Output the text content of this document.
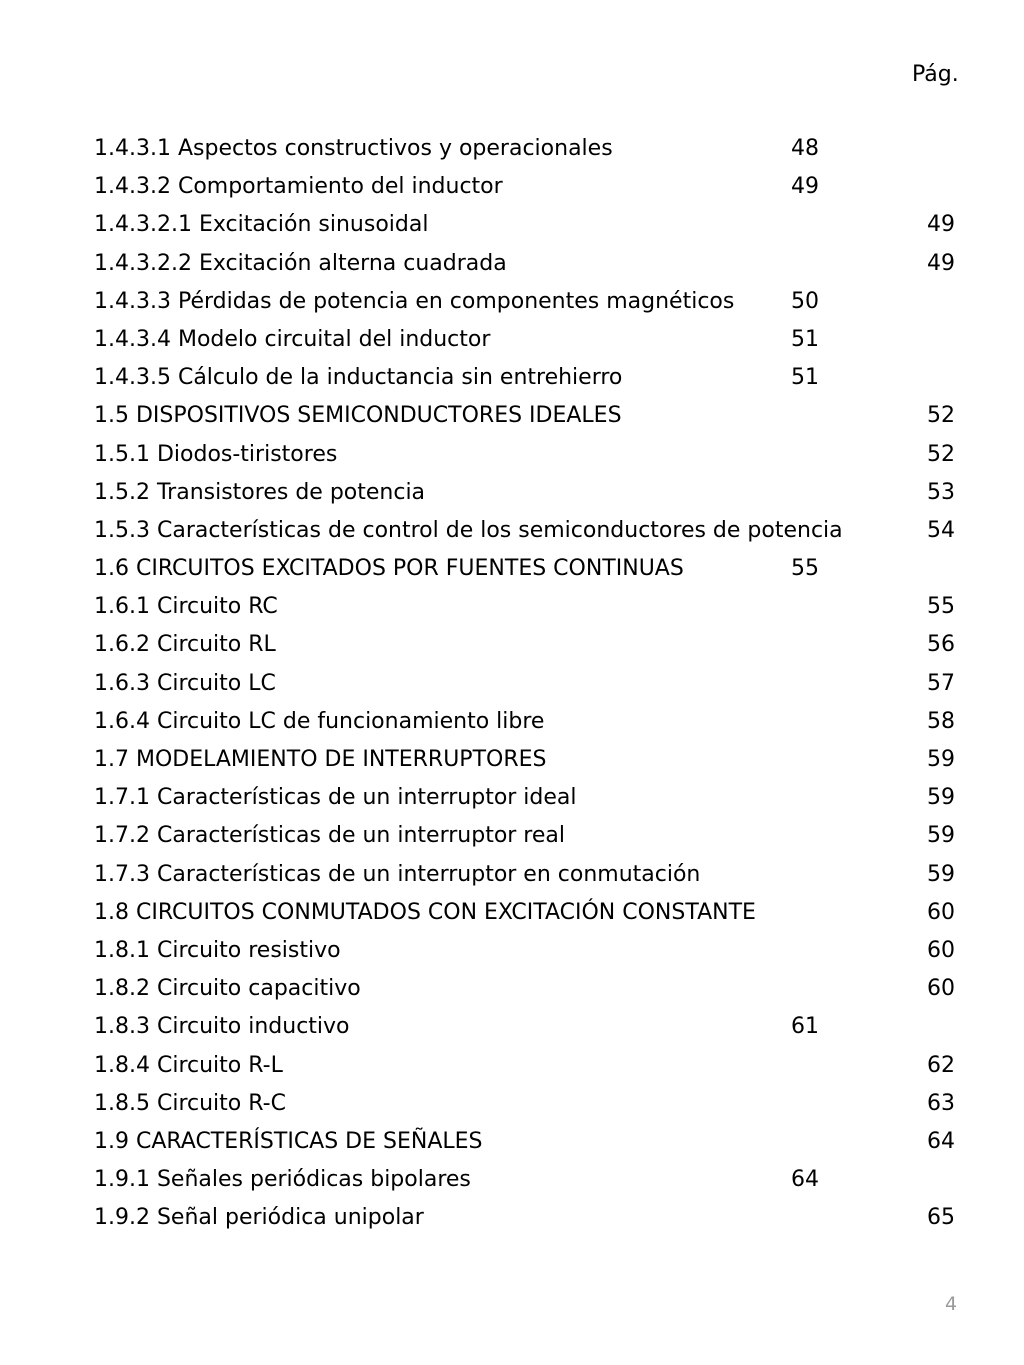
Pág.
1.4.3.1 Aspectos constructivos y operacionales	48
1.4.3.2 Comportamiento del inductor	49
1.4.3.2.1 Excitación sinusoidal	49
1.4.3.2.2 Excitación alterna cuadrada	49
1.4.3.3 Pérdidas de potencia en componentes magnéticos	50
1.4.3.4 Modelo circuital del inductor	51
1.4.3.5 Cálculo de la inductancia sin entrehierro	51
1.5 DISPOSITIVOS SEMICONDUCTORES IDEALES	52
1.5.1 Diodos-tiristores	52
1.5.2 Transistores de potencia	53
1.5.3 Características de control de los semiconductores de potencia	54
1.6 CIRCUITOS EXCITADOS POR FUENTES CONTINUAS	55
1.6.1 Circuito RC	55
1.6.2 Circuito RL	56
1.6.3 Circuito LC	57
1.6.4 Circuito LC de funcionamiento libre	58
1.7 MODELAMIENTO DE INTERRUPTORES	59
1.7.1 Características de un interruptor ideal	59
1.7.2 Características de un interruptor real	59
1.7.3 Características de un interruptor en conmutación	59
1.8 CIRCUITOS CONMUTADOS CON EXCITACIÓN CONSTANTE	60
1.8.1 Circuito resistivo	60
1.8.2 Circuito capacitivo	60
1.8.3 Circuito inductivo	61
1.8.4 Circuito R-L	62
1.8.5 Circuito R-C	63
1.9 CARACTERÍSTICAS DE SEÑALES	64
1.9.1 Señales periódicas bipolares	64
1.9.2 Señal periódica unipolar	65
4
